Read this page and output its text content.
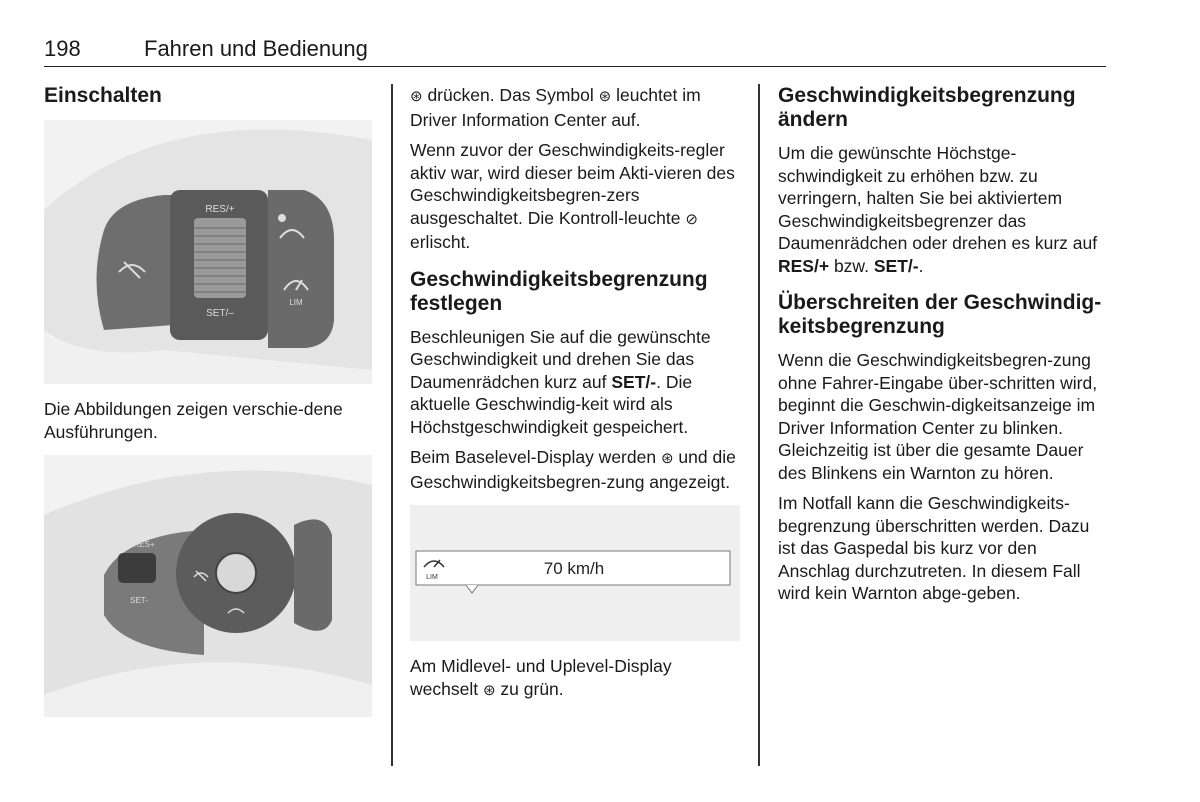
198	Fahren und Bedienung
Einschalten
RES/+
SET/–
LIM

Die Abbildungen zeigen verschie-dene Ausführungen.

RES+
SET-

⊛ drücken. Das Symbol ⊛ leuchtet im Driver Information Center auf.

Wenn zuvor der Geschwindigkeits-regler aktiv war, wird dieser beim Akti-vieren des Geschwindigkeitsbegren-zers ausgeschaltet. Die Kontroll-leuchte ⊘ erlischt.

Geschwindigkeitsbegrenzung festlegen

Beschleunigen Sie auf die gewünschte Geschwindigkeit und drehen Sie das Daumenrädchen kurz auf SET/-. Die aktuelle Geschwindig-keit wird als Höchstgeschwindigkeit gespeichert.

Beim Baselevel-Display werden ⊛ und die Geschwindigkeitsbegren-zung angezeigt.

LIM	70 km/h

Am Midlevel- und Uplevel-Display wechselt ⊛ zu grün.

Geschwindigkeitsbegrenzung ändern

Um die gewünschte Höchstge-schwindigkeit zu erhöhen bzw. zu verringern, halten Sie bei aktiviertem Geschwindigkeitsbegrenzer das Daumenrädchen oder drehen es kurz auf RES/+ bzw. SET/-.

Überschreiten der Geschwindig-keitsbegrenzung

Wenn die Geschwindigkeitsbegren-zung ohne Fahrer-Eingabe über-schritten wird, beginnt die Geschwin-digkeitsanzeige im Driver Information Center zu blinken. Gleichzeitig ist über die gesamte Dauer des Blinkens ein Warnton zu hören.

Im Notfall kann die Geschwindigkeits-begrenzung überschritten werden. Dazu ist das Gaspedal bis kurz vor den Anschlag durchzutreten. In diesem Fall wird kein Warnton abge-geben.
